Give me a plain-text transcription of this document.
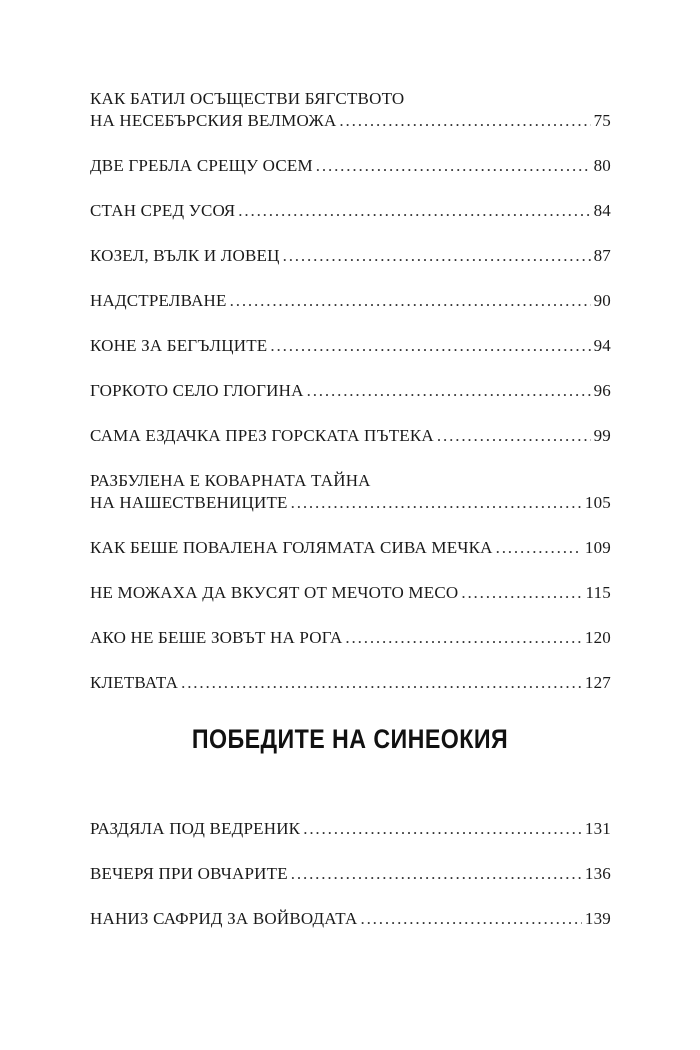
КАК БАТИЛ ОСЪЩЕСТВИ БЯГСТВОТО
НА НЕСЕБЪРСКИЯ ВЕЛМОЖА . . .	75
ДВЕ ГРЕБЛА СРЕЩУ ОСЕМ . . .	80
СТАН СРЕД УСОЯ . . .	84
КОЗЕЛ, ВЪЛК И ЛОВЕЦ . . .	87
НАДСТРЕЛВАНЕ . . .	90
КОНЕ ЗА БЕГЪЛЦИТЕ . . .	94
ГОРКОТО СЕЛО ГЛОГИНА . . .	96
САМА ЕЗДАЧКА ПРЕЗ ГОРСКАТА ПЪТЕКА . . .	99
РАЗБУЛЕНА Е КОВАРНАТА ТАЙНА
НА НАШЕСТВЕНИЦИТЕ . . .	105
КАК БЕШЕ ПОВАЛЕНА ГОЛЯМАТА СИВА МЕЧКА . . .	109
НЕ МОЖАХА ДА ВКУСЯТ ОТ МЕЧОТО МЕСО . . .	115
АКО НЕ БЕШЕ ЗОВЪТ НА РОГА . . .	120
КЛЕТВАТА . . .	127
ПОБЕДИТЕ НА СИНЕОКИЯ
РАЗДЯЛА ПОД ВЕДРЕНИК . . .	131
ВЕЧЕРЯ ПРИ ОВЧАРИТЕ . . .	136
НАНИЗ САФРИД ЗА ВОЙВОДАТА . . .	139
